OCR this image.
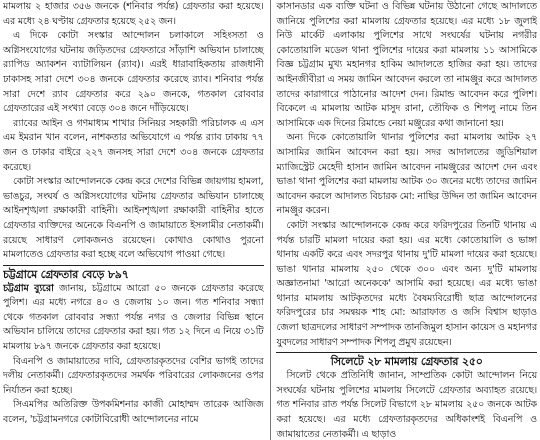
মামলায় ২ হাজার ৩৫৬ জনকে (শনিবার পর্যন্ত) গ্রেফতার করা হয়েছে। এর মধ্যে ২৪ ঘণ্টায় গ্রেফতার হয়েছে ২৫২ জন।

এ দিকে কোটা সংস্কার আন্দোলন চলাকালে সহিংসতা ও অগ্নিসংযোগের ঘটনায় জড়িতদের গ্রেফতারে সাঁড়াশি অভিযান চালাচ্ছে র‍্যাপিড অ্যাকশন ব্যাটালিয়ন (র‍্যাব)। এরই ধারাবাহিকতায় রাজধানী ঢাকাসহ সারা দেশে ৩০৪ জনকে গ্রেফতার করেছে র‍্যাব। শনিবার পর্যন্ত সারা দেশে র‍্যাব গ্রেফতার করে ২৯০ জনকে, গতকাল রোববার গ্রেফতারের এই সংখ্যা বেড়ে ৩০৪ জনে দাঁড়িয়েছে।

র‍্যাবের আইন ও গণমাধ্যম শাখার সিনিয়র সহকারী পরিচালক এ এস এম ইমরান খান বলেন, নাশকতার অভিযোগে এ পর্যন্ত র‍্যাব ঢাকায় ৭৭ জন ও ঢাকার বাইরে ২২৭ জনসহ সারা দেশে ৩০৪ জনকে গ্রেফতার করেছে।

কোটা সংস্কার আন্দোলনকে কেন্দ্র করে দেশের বিভিন্ন জায়গায় হামলা, ভাঙচুর, সংঘর্ষ ও অগ্নিসংযোগের ঘটনায় গ্রেফতার অভিযান চালাচ্ছে আইনশৃঙ্খলা রক্ষাকারী বাহিনী। আইনশৃঙ্খলা রক্ষাকারী বাহিনীর হাতে গ্রেফতার ব্যক্তিদের অনেকে বিএনপি ও জামায়াতে ইসলামীর নেতাকর্মী। রয়েছে সাধারণ লোকজনও রয়েছেন। কোথাও কোথাও পুরনো মামলাতেও গ্রেফতার করা হচ্ছে বলে অভিযোগ পাওয়া গেছে।

চট্টগ্রামে গ্রেফতার বেড়ে ৮৯৭

চট্টগ্রাম ব্যুরো জানায়, চট্টগ্রামে আরো ৫০ জনকে গ্রেফতার করেছে পুলিশ। এর মধ্যে নগরে ৪০ ও জেলায় ১০ জন। গত শনিবার সন্ধ্যা থেকে গতকাল রোববার সন্ধ্যা পর্যন্ত নগর ও জেলার বিভিন্ন স্থানে অভিযান চালিয়ে তাদের গ্রেফতার করা হয়। গত ১২ দিনে এ নিয়ে ৩১টি মামলায় ৮৯৭ জনকে গ্রেফতার করা হয়েছে।

বিএনপি ও জামায়াতের দাবি, গ্রেফতারকৃতদের বেশির ভাগই তাদের দলীয় নেতাকর্মী। গ্রেফতারকৃতদের সমর্থক পরিবারের লোকজনের ওপর নির্যাতন করা হচ্ছে।

সিএমপির অতিরিক্ত উপকমিশনার কাজী মোহাম্মদ তারেক আজিজ বলেন, 'চট্টগ্রামনগরে কোটাবিরোধী আন্দোলনের নামে

কাসানডার এক ব্যক্তি ঘটনা ও বিভিন্ন ঘটনায় উঠানো গেছে আদালতে জানিয়ে পুলিশের করা মামলায় গ্রেফতার হয়েছে। এর মধ্যে ১৮ জুলাই নিউ মার্কেট এলাকায় পুলিশের সাথে সংঘর্ষের ঘটনায় নগরীর কোতোয়ালি মডেল থানা পুলিশের দায়ের করা মামলায় ১১ আসামিকে বিজ্ঞ চট্টগ্রাম মুখ্য মহানগর হাকিম আদালতে হাজির করা হয়। তাদের আইনজীবীরা এ সময় জামিন আবেদন করলে তা নামঞ্জুর করে আদালত তাদের কারাগারে পাঠানোর আদেশ দেন। রিমান্ড আবেদন করে পুলিশ। বিকেলে এ মামলায় আটক মাসুদ রানা, তৌফিক ও শিপলু নামে তিন আসামিকে এক দিনের রিমান্ডে নেয়া মঞ্জুরের কথা জানানো হয়।

অন্য দিকে কোতোয়ালি থানার পুলিশের করা মামলায় আটক ২৭ আসামির জামিন আবেদন করা হয়। সদর আদালতের জুডিশিয়াল ম্যাজিস্ট্রেট মেহেদী হাসান জামিন আবেদন নামঞ্জুরের আদেশ দেন এবং ভাঙা থানা পুলিশের করা মামলায় আটক ৩০ জনের মধ্যে তাদের জামিন আবেদন করলে আদালত বিচারক মো: নাছির উদ্দিন তা জামিন আবেদন নামঞ্জুর করেন।

কোটা সংস্কার আন্দোলনকে কেন্দ্র করে ফরিদপুরের তিনটি থানায় এ পর্যন্ত চারটি মামলা দায়ের করা হয়। এর মধ্যে কোতোয়ালি ও ভাঙ্গা থানায় একটি করে এবং সদরপুর থানায় দু'টি মামলা দায়ের করা হয়েছে। ভাঙা থানার মামলায় ২৫০ থেকে ৩০০ এবং অন্য দু'টি মামলায় অজ্ঞাতনামা 'আরো অনেককে' আসামি করা হয়েছে। এর মধ্যে ভাঙা থানার মামলায় আটকৃতদের মধ্যে বৈষম্যবিরোধী ছাত্র আন্দোলনের ফরিদপুরের চার সমন্বয়ক শাহ মো: আরাফাত ও জসি বিশ্বাস ছাড়াও জেলা ছাত্রদলের সাধারণ সম্পাদক তানজিমুল হাসান কায়েস ও মহানগর যুবদলের সাধারণ সম্পাদক শিপলু প্রমুখ রয়েছেন।

সিলেটে ২৮ মামলায় গ্রেফতার ২৫০

সিলেট থেকে প্রতিনিধি জানান, সাম্প্রতিক কোটা আন্দোলন নিয়ে সংঘর্ষের ঘটনায় পুলিশের মামলায় সিলেটে গ্রেফতার অব্যাহত রয়েছে। গত শনিবার রাত পর্যন্ত সিলেট বিভাগে ২৮ মামলায় ২৫০ জনকে আটক করা হয়েছে। এর মধ্যে গ্রেফতারকৃতদের অধিকাংশই বিএনপি ও জামায়াতের নেতাকর্মী। এ ছাড়াও
